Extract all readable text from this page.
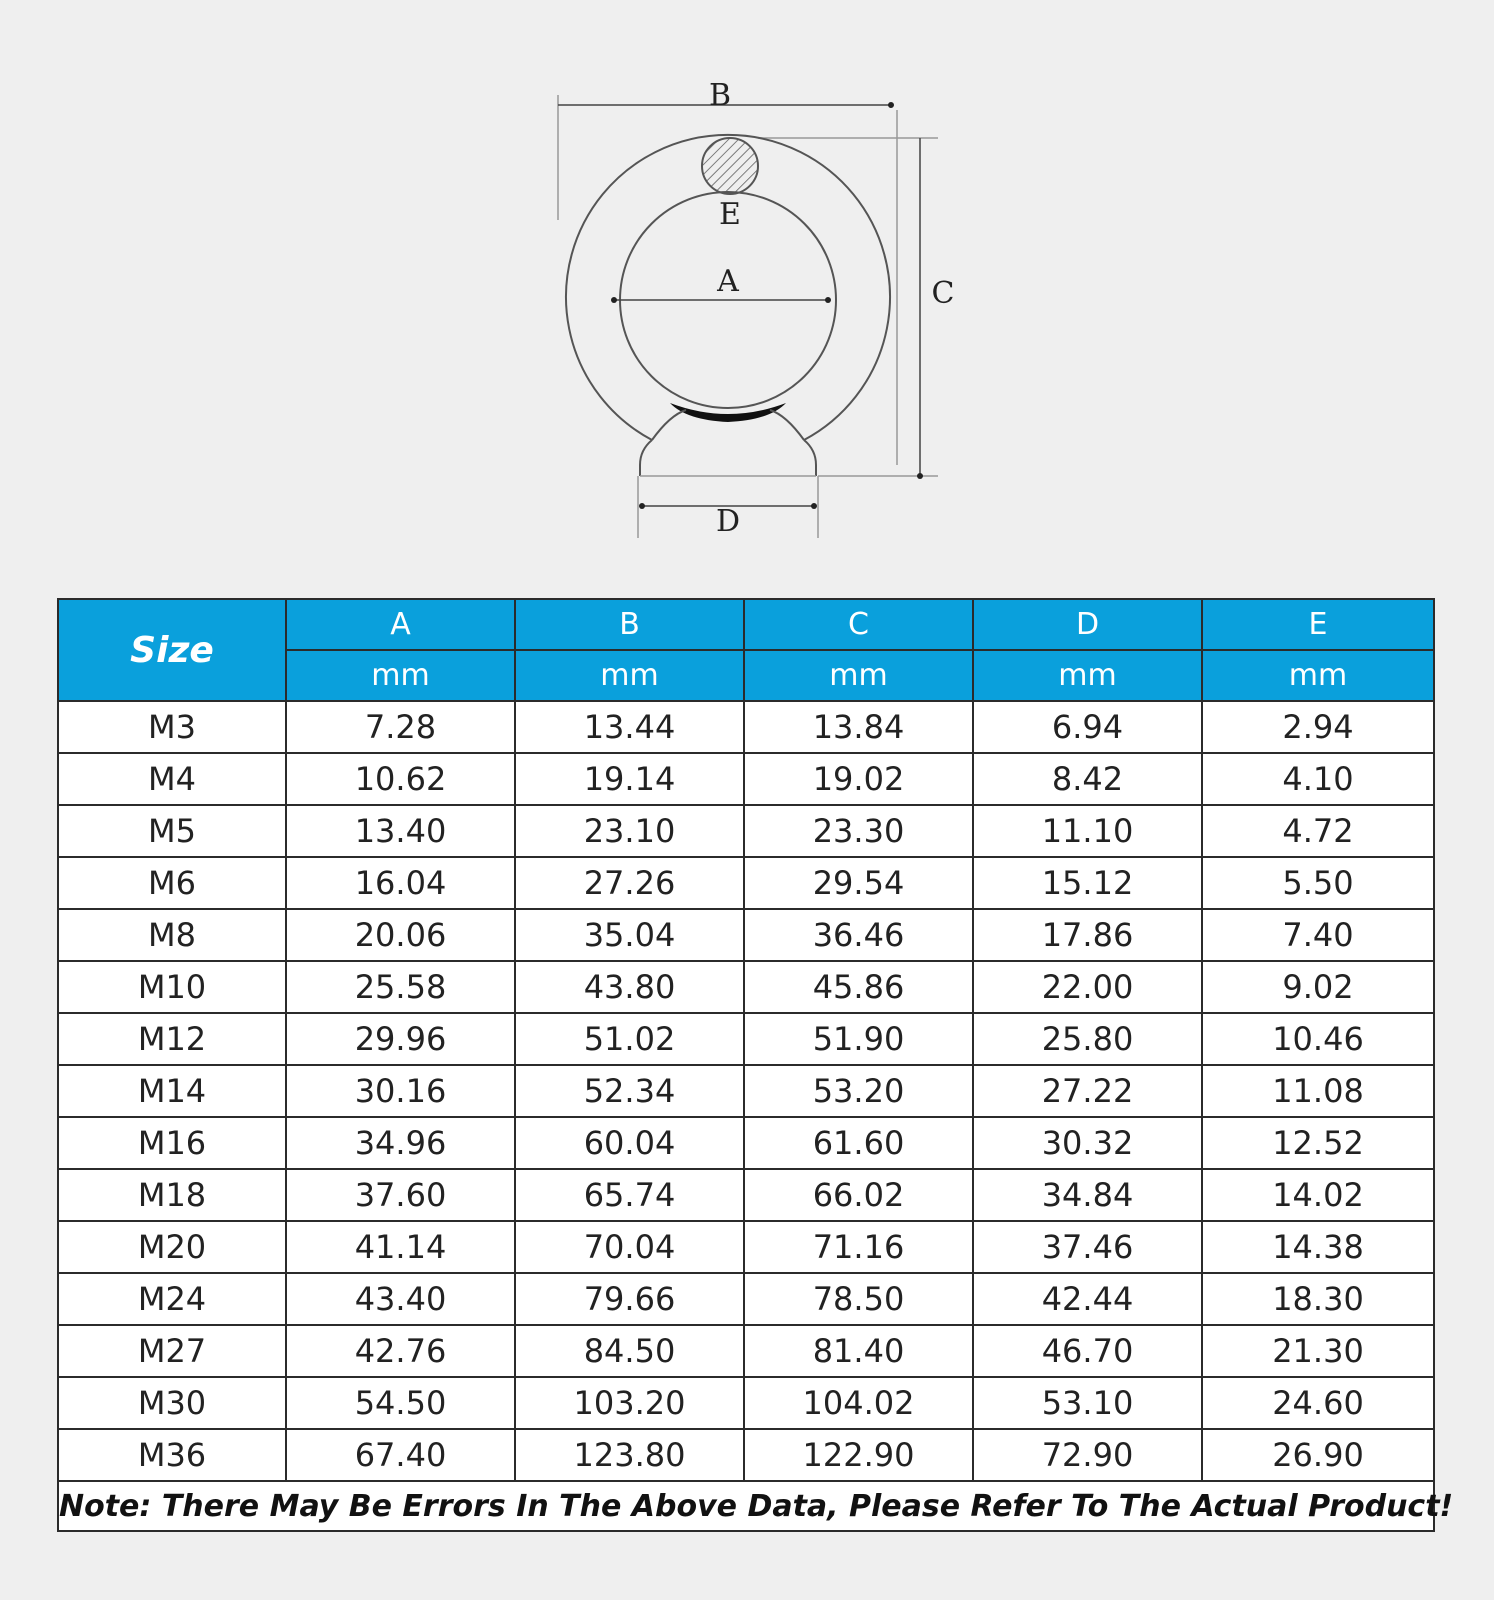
B
E
A	C
D
Size	A	B	C	D	E
	mm	mm	mm	mm	mm
M3	7.28	13.44	13.84	6.94	2.94
M4	10.62	19.14	19.02	8.42	4.10
M5	13.40	23.10	23.30	11.10	4.72
M6	16.04	27.26	29.54	15.12	5.50
M8	20.06	35.04	36.46	17.86	7.40
M10	25.58	43.80	45.86	22.00	9.02
M12	29.96	51.02	51.90	25.80	10.46
M14	30.16	52.34	53.20	27.22	11.08
M16	34.96	60.04	61.60	30.32	12.52
M18	37.60	65.74	66.02	34.84	14.02
M20	41.14	70.04	71.16	37.46	14.38
M24	43.40	79.66	78.50	42.44	18.30
M27	42.76	84.50	81.40	46.70	21.30
M30	54.50	103.20	104.02	53.10	24.60
M36	67.40	123.80	122.90	72.90	26.90
Note: There May Be Errors In The Above Data, Please Refer To The Actual Product!					
